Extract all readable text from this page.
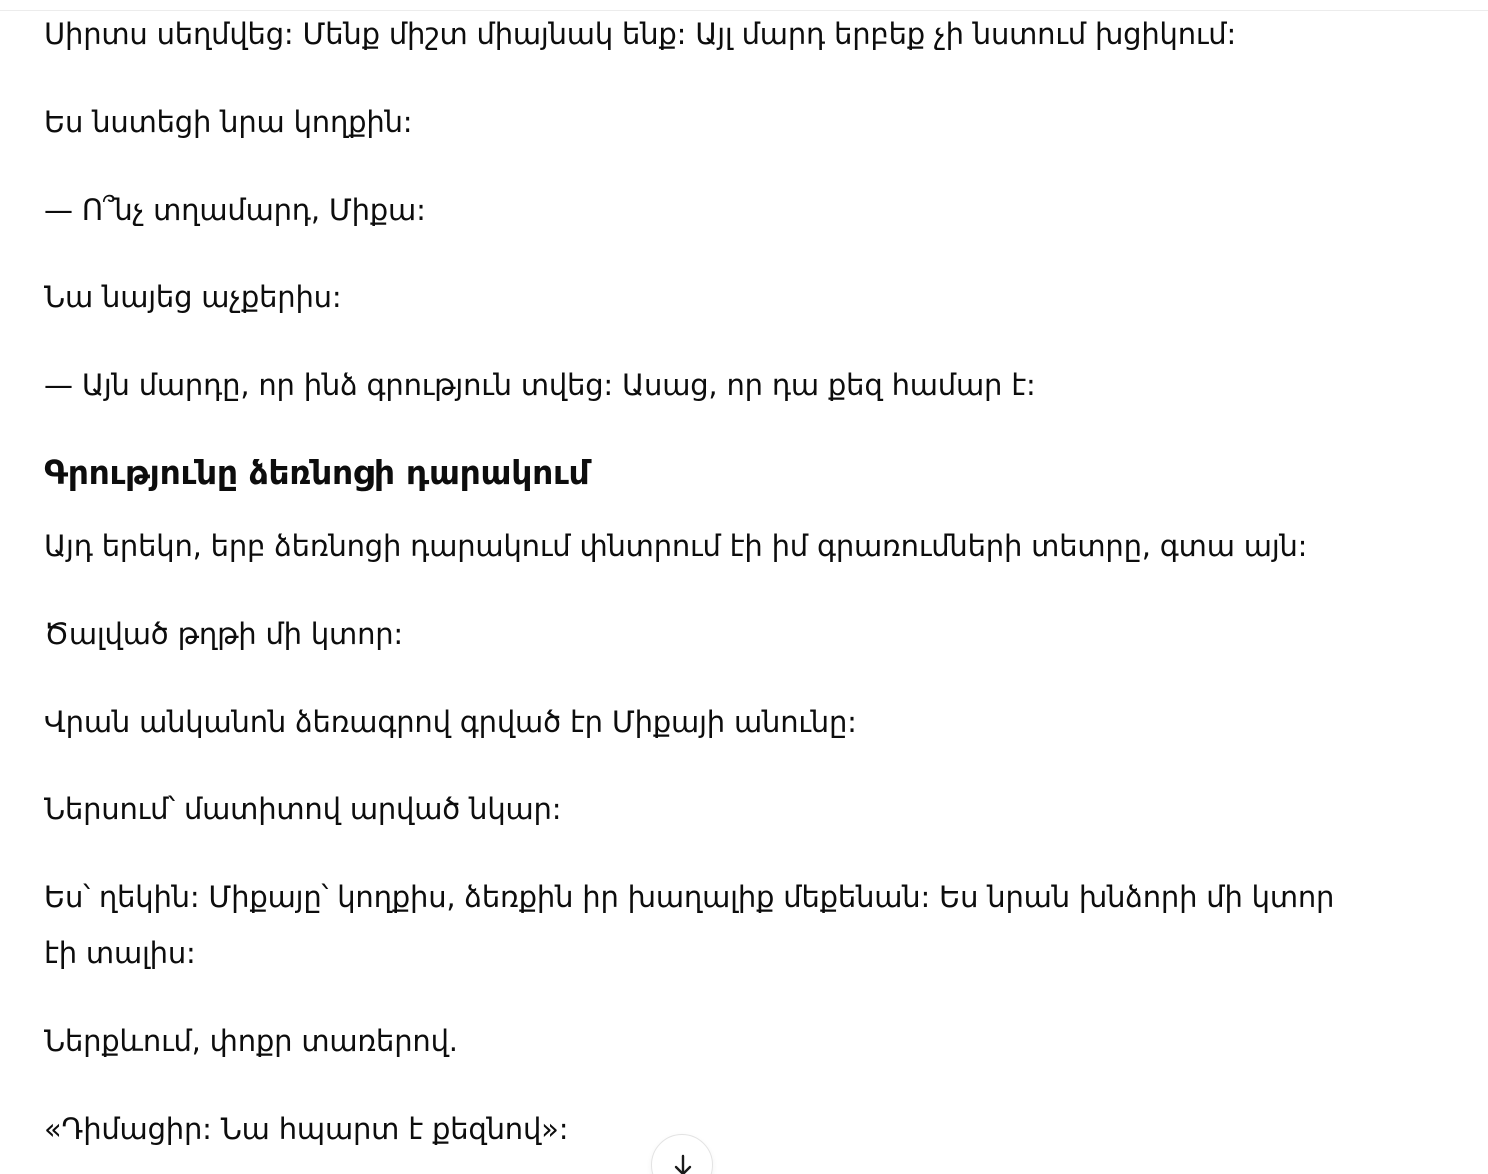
Սիրտս սեղմվեց: Մենք միշտ միայնակ ենք: Այլ մարդ երբեք չի նստում խցիկում:
Ես նստեցի նրա կողքին:
— Ո՞նչ տղամարդ, Միքա:
Նա նայեց աչքերիս:
— Այն մարդը, որ ինձ գրություն տվեց: Ասաց, որ դա քեզ համար է:
Գրությունը ձեռնոցի դարակում
Այդ երեկո, երբ ձեռնոցի դարակում փնտրում էի իմ գրառումների տետրը, գտա այն:
Ծալված թղթի մի կտոր:
Վրան անկանոն ձեռագրով գրված էր Միքայի անունը:
Ներսում՝ մատիտով արված նկար:
Ես՝ ղեկին: Միքայը՝ կողքիս, ձեռքին իր խաղալիք մեքենան: Ես նրան խնձորի մի կտոր
էի տալիս:
Ներքևում, փոքր տառերով.
«Դիմացիր: Նա հպարտ է քեզնով»:
